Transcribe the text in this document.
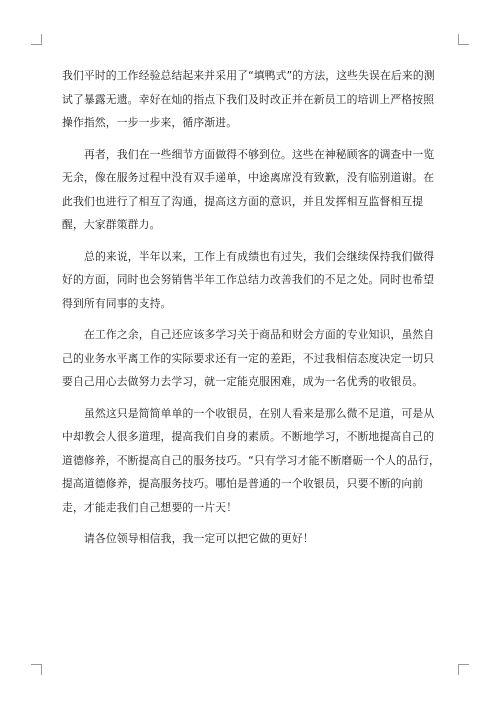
我们平时的工作经验总结起来并采用了“填鸭式”的方法，这些失误在后来的测试了暴露无遗。幸好在灿的指点下我们及时改正并在新员工的培训上严格按照操作指然，一步一步来，循序渐进。

再者，我们在一些细节方面做得不够到位。这些在神秘顾客的调查中一览无余，像在服务过程中没有双手递单，中途离席没有致歉，没有临别道谢。在此我们也进行了相互了沟通，提高这方面的意识，并且发挥相互监督相互提醒，大家群策群力。

总的来说，半年以来，工作上有成绩也有过失，我们会继续保持我们做得好的方面，同时也会努销售半年工作总结力改善我们的不足之处。同时也希望得到所有同事的支持。

在工作之余，自己还应该多学习关于商品和财会方面的专业知识，虽然自己的业务水平离工作的实际要求还有一定的差距，不过我相信态度决定一切只要自己用心去做努力去学习，就一定能克服困难，成为一名优秀的收银员。

虽然这只是简简单单的一个收银员，在别人看来是那么微不足道，可是从中却教会人很多道理，提高我们自身的素质。不断地学习，不断地提高自己的道德修养，不断提高自己的服务技巧。“只有学习才能不断磨砺一个人的品行，提高道德修养，提高服务技巧。哪怕是普通的一个收银员，只要不断的向前走，才能走我们自己想要的一片天！

请各位领导相信我，我一定可以把它做的更好！
